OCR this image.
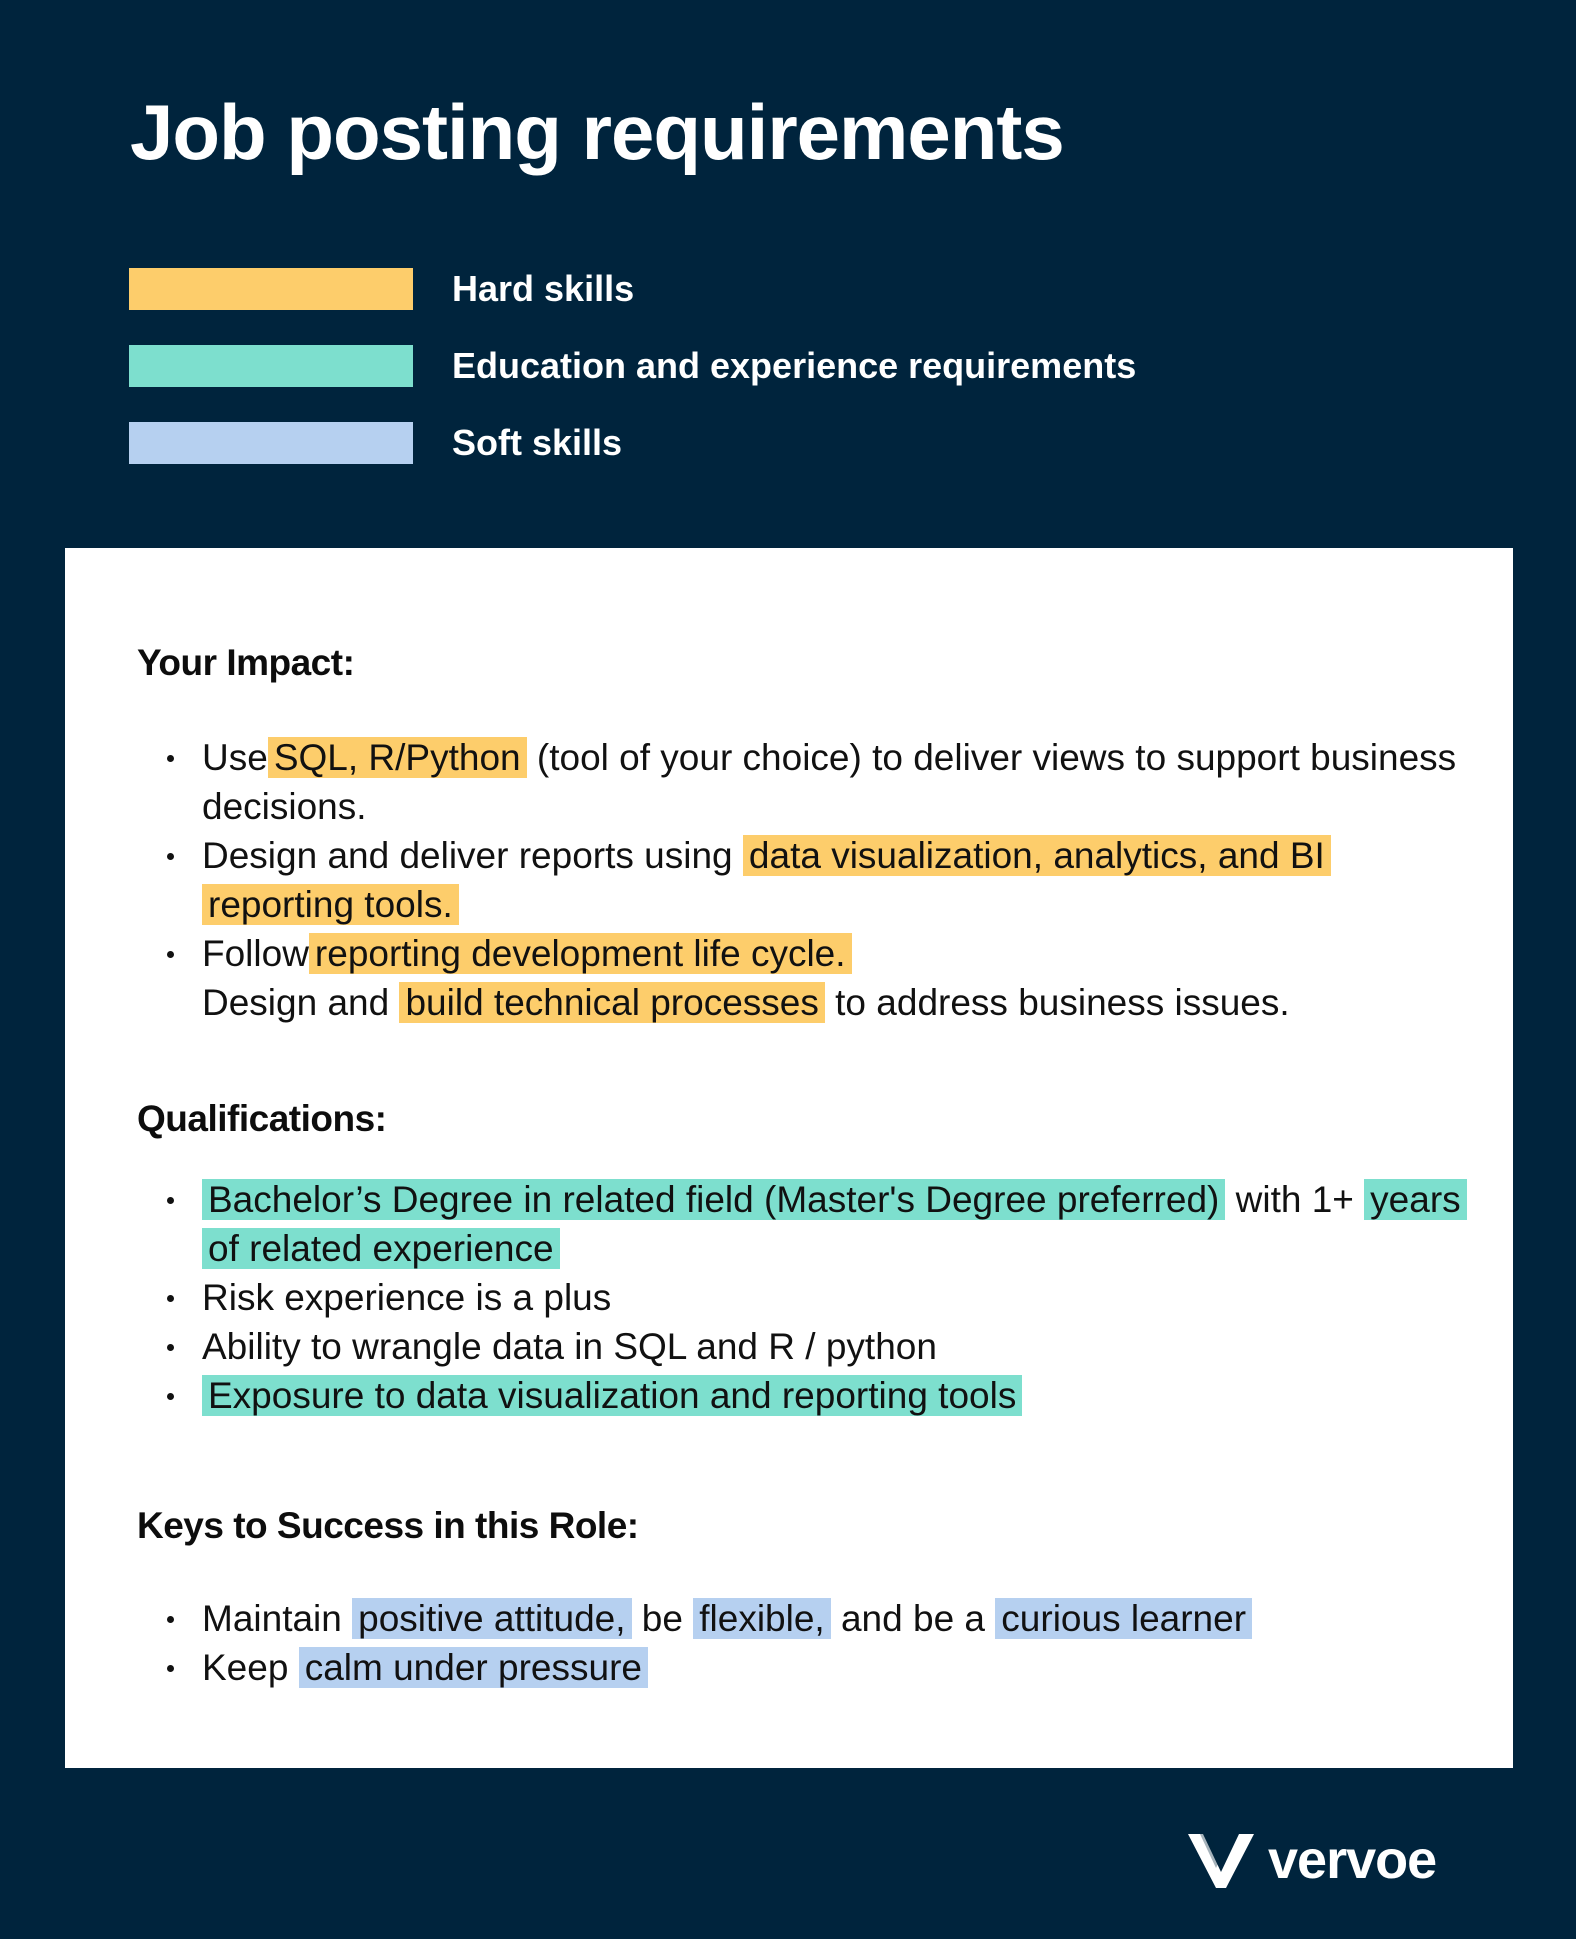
Job posting requirements
Hard skills
Education and experience requirements
Soft skills
Your Impact:
Use SQL, R/Python (tool of your choice) to deliver views to support business decisions.
Design and deliver reports using data visualization, analytics, and BI reporting tools.
Follow reporting development life cycle.
Design and build technical processes to address business issues.
Qualifications:
Bachelor’s Degree in related field (Master's Degree preferred) with 1+ years of related experience
Risk experience is a plus
Ability to wrangle data in SQL and R / python
Exposure to data visualization and reporting tools
Keys to Success in this Role:
Maintain positive attitude, be flexible, and be a curious learner
Keep calm under pressure
vervoe
